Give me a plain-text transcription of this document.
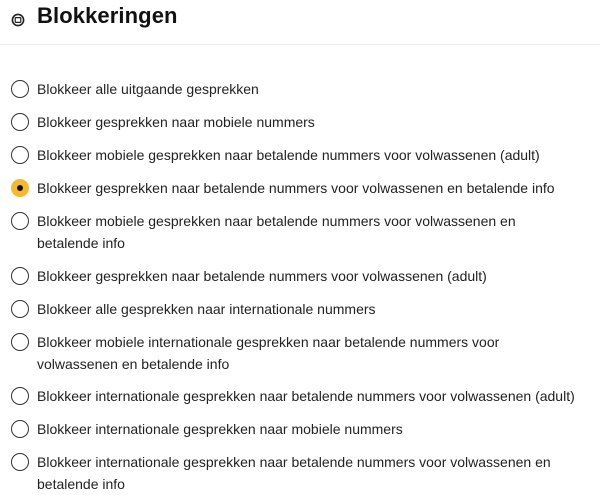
Blokkeringen
Blokkeer alle uitgaande gesprekken
Blokkeer gesprekken naar mobiele nummers
Blokkeer mobiele gesprekken naar betalende nummers voor volwassenen (adult)
Blokkeer gesprekken naar betalende nummers voor volwassenen en betalende info
Blokkeer mobiele gesprekken naar betalende nummers voor volwassenen en betalende info
Blokkeer gesprekken naar betalende nummers voor volwassenen (adult)
Blokkeer alle gesprekken naar internationale nummers
Blokkeer mobiele internationale gesprekken naar betalende nummers voor volwassenen en betalende info
Blokkeer internationale gesprekken naar betalende nummers voor volwassenen (adult)
Blokkeer internationale gesprekken naar mobiele nummers
Blokkeer internationale gesprekken naar betalende nummers voor volwassenen en betalende info
